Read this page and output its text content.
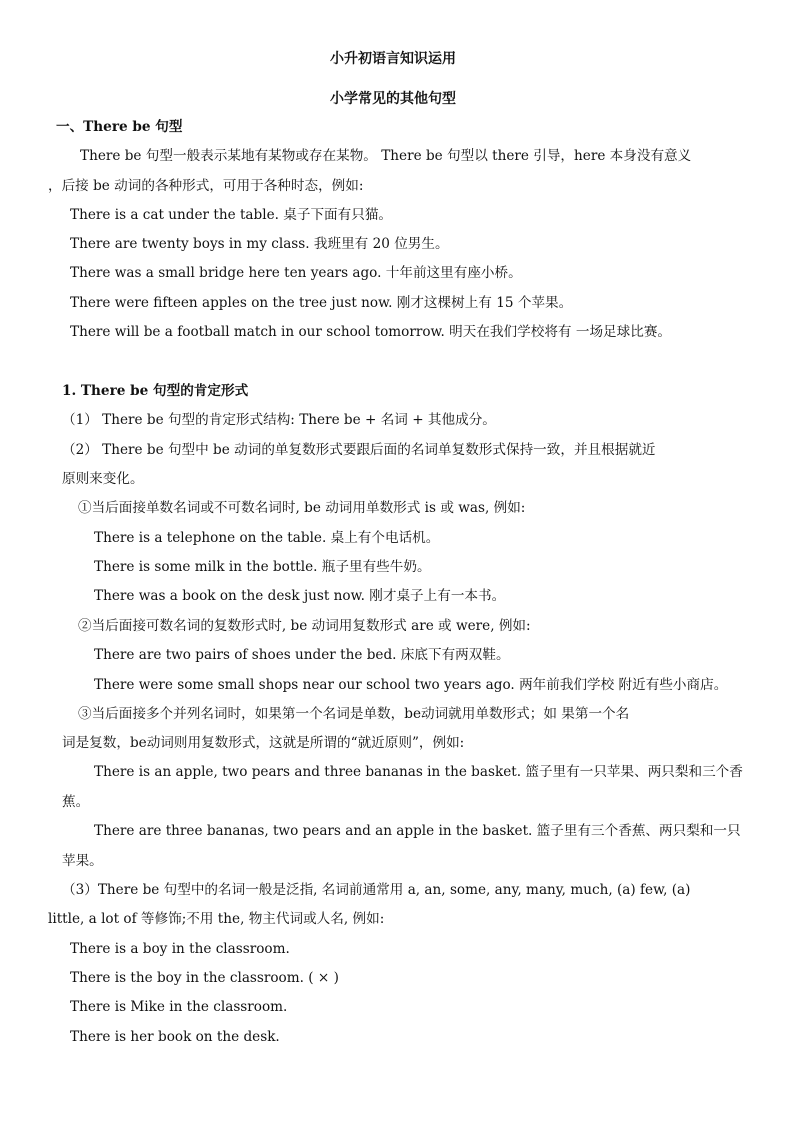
小升初语言知识运用
小学常见的其他句型
一、There be 句型
There be 句型一般表示某地有某物或存在某物。 There be 句型以 there 引导，here 本身没有意义
，后接 be 动词的各种形式，可用于各种时态，例如:
There is a cat under the table. 桌子下面有只猫。
There are twenty boys in my class. 我班里有 20 位男生。
There was a small bridge here ten years ago. 十年前这里有座小桥。
There were fifteen apples on the tree just now. 刚才这棵树上有 15 个苹果。
There will be a football match in our school tomorrow. 明天在我们学校将有 一场足球比赛。
1. There be 句型的肯定形式
（1） There be 句型的肯定形式结构: There be + 名词 + 其他成分。
（2） There be 句型中 be 动词的单复数形式要跟后面的名词单复数形式保持一致，并且根据就近
原则来变化。
①当后面接单数名词或不可数名词时, be 动词用单数形式 is 或 was, 例如:
There is a telephone on the table. 桌上有个电话机。
There is some milk in the bottle. 瓶子里有些牛奶。
There was a book on the desk just now. 刚才桌子上有一本书。
②当后面接可数名词的复数形式时, be 动词用复数形式 are 或 were, 例如:
There are two pairs of shoes under the bed. 床底下有两双鞋。
There were some small shops near our school two years ago. 两年前我们学校 附近有些小商店。
③当后面接多个并列名词时，如果第一个名词是单数，be动词就用单数形式；如 果第一个名
词是复数，be动词则用复数形式，这就是所谓的“就近原则”，例如:
There is an apple, two pears and three bananas in the basket. 篮子里有一只苹果、两只梨和三个香
蕉。
There are three bananas, two pears and an apple in the basket. 篮子里有三个香蕉、两只梨和一只
苹果。
（3）There be 句型中的名词一般是泛指, 名词前通常用 a, an, some, any, many, much, (a) few, (a)
little, a lot of 等修饰;不用 the, 物主代词或人名, 例如:
There is a boy in the classroom.
There is the boy in the classroom. ( × )
There is Mike in the classroom.
There is her book on the desk.
